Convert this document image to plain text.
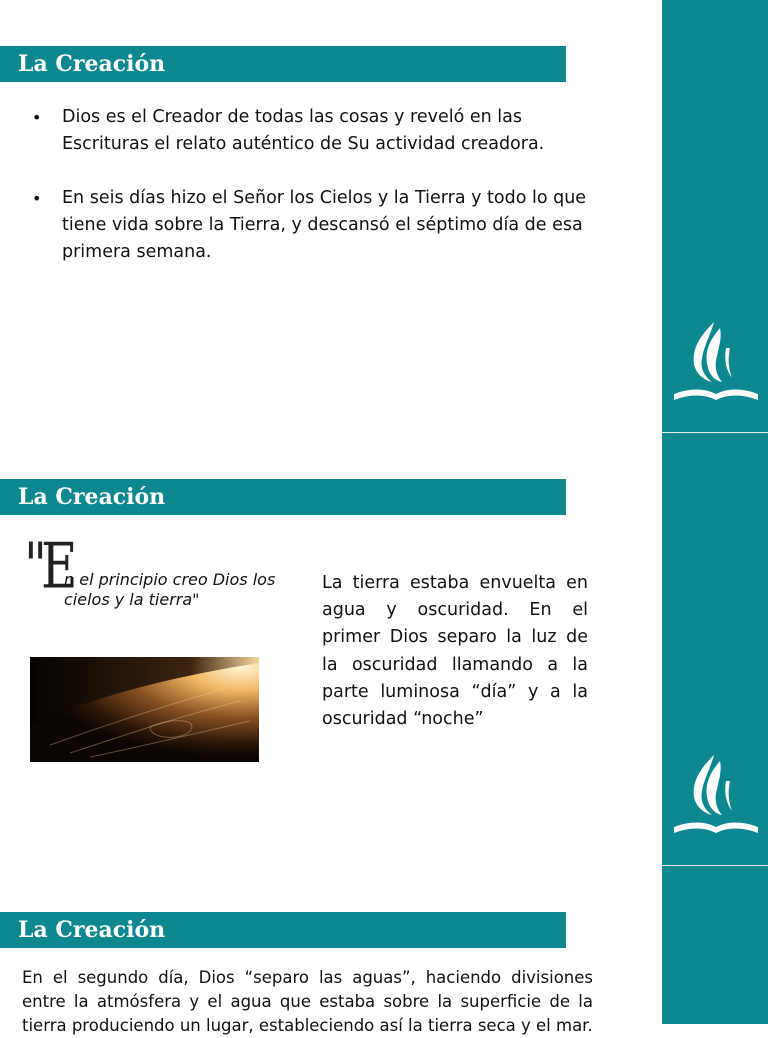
La Creación
• Dios es el Creador de todas las cosas y reveló en las Escrituras el relato auténtico de Su actividad creadora.
• En seis días hizo el Señor los Cielos y la Tierra y todo lo que tiene vida sobre la Tierra, y descansó el séptimo día de esa primera semana.
La Creación
"E
n el principio creo Dios los cielos y la tierra"
La tierra estaba envuelta en agua y oscuridad. En el primer Dios separo la luz de la oscuridad llamando a la parte luminosa “día” y a la oscuridad “noche”
La Creación
En el segundo día, Dios “separo las aguas”, haciendo divisiones entre la atmósfera y el agua que estaba sobre la superficie de la tierra produciendo un lugar, estableciendo así la tierra seca y el mar.
